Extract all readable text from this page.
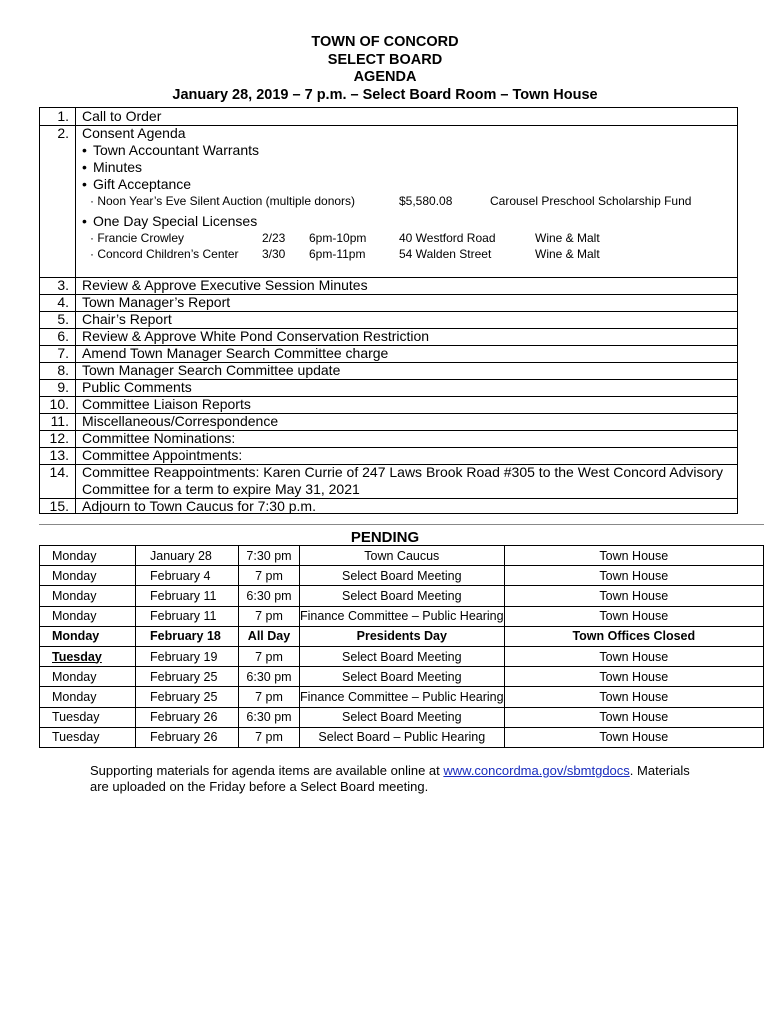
TOWN OF CONCORD
SELECT BOARD
AGENDA
January 28, 2019 – 7 p.m. – Select Board Room – Town House
1. Call to Order
2. Consent Agenda
• Town Accountant Warrants
• Minutes
• Gift Acceptance
· Noon Year’s Eve Silent Auction (multiple donors)	$5,580.08	Carousel Preschool Scholarship Fund
• One Day Special Licenses
· Francie Crowley	2/23 6pm-10pm	40 Westford Road	Wine & Malt
· Concord Children’s Center 3/30 6pm-11pm	54 Walden Street	Wine & Malt
3. Review & Approve Executive Session Minutes
4. Town Manager’s Report
5. Chair’s Report
6. Review & Approve White Pond Conservation Restriction
7. Amend Town Manager Search Committee charge
8. Town Manager Search Committee update
9. Public Comments
10. Committee Liaison Reports
11. Miscellaneous/Correspondence
12. Committee Nominations:
13. Committee Appointments:
14. Committee Reappointments: Karen Currie of 247 Laws Brook Road #305 to the West Concord Advisory Committee for a term to expire May 31, 2021
15. Adjourn to Town Caucus for 7:30 p.m.
PENDING
Monday	January 28	7:30 pm	Town Caucus	Town House
Monday	February 4	7 pm	Select Board Meeting	Town House
Monday	February 11	6:30 pm	Select Board Meeting	Town House
Monday	February 11	7 pm	Finance Committee – Public Hearing	Town House
Monday	February 18	All Day	Presidents Day	Town Offices Closed
Tuesday	February 19	7 pm	Select Board Meeting	Town House
Monday	February 25	6:30 pm	Select Board Meeting	Town House
Monday	February 25	7 pm	Finance Committee – Public Hearing	Town House
Tuesday	February 26	6:30 pm	Select Board Meeting	Town House
Tuesday	February 26	7 pm	Select Board – Public Hearing	Town House
Supporting materials for agenda items are available online at www.concordma.gov/sbmtgdocs. Materials are uploaded on the Friday before a Select Board meeting.
